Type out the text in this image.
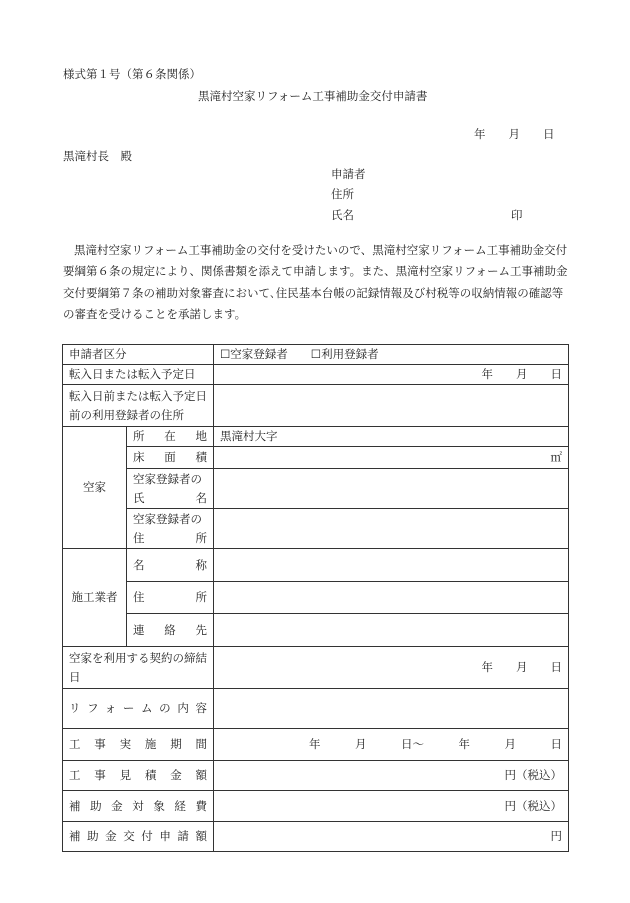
様式第１号（第６条関係）
黒滝村空家リフォーム工事補助金交付申請書
年　　月　　日
黒滝村長　殿
申請者
住所
氏名	印
黒滝村空家リフォーム工事補助金の交付を受けたいので、黒滝村空家リフォーム工事補助金交付要綱第６条の規定により、関係書類を添えて申請します。また、黒滝村空家リフォーム工事補助金交付要綱第７条の補助対象審査において､住民基本台帳の記録情報及び村税等の収納情報の確認等の審査を受けることを承諾します。
申請者区分		☐空家登録者　　☐利用登録者
転入日または転入予定日		年　　月　　日
転入日前または転入予定日前の利用登録者の住所		
空家	所在地	黒滝村大字
	床面積	㎡

	空家登録者の
氏名	

	空家登録者の
住所	

施工業者	名称	
	住所	
	連絡先	
空家を利用する契約の締結日		年　　月　　日
リフォームの内容		
工事実施期間		年　　　月　　　日～　　　年　　　月　　　日
工事見積金額		円（税込）
補助金対象経費		円（税込）
補助金交付申請額		円
